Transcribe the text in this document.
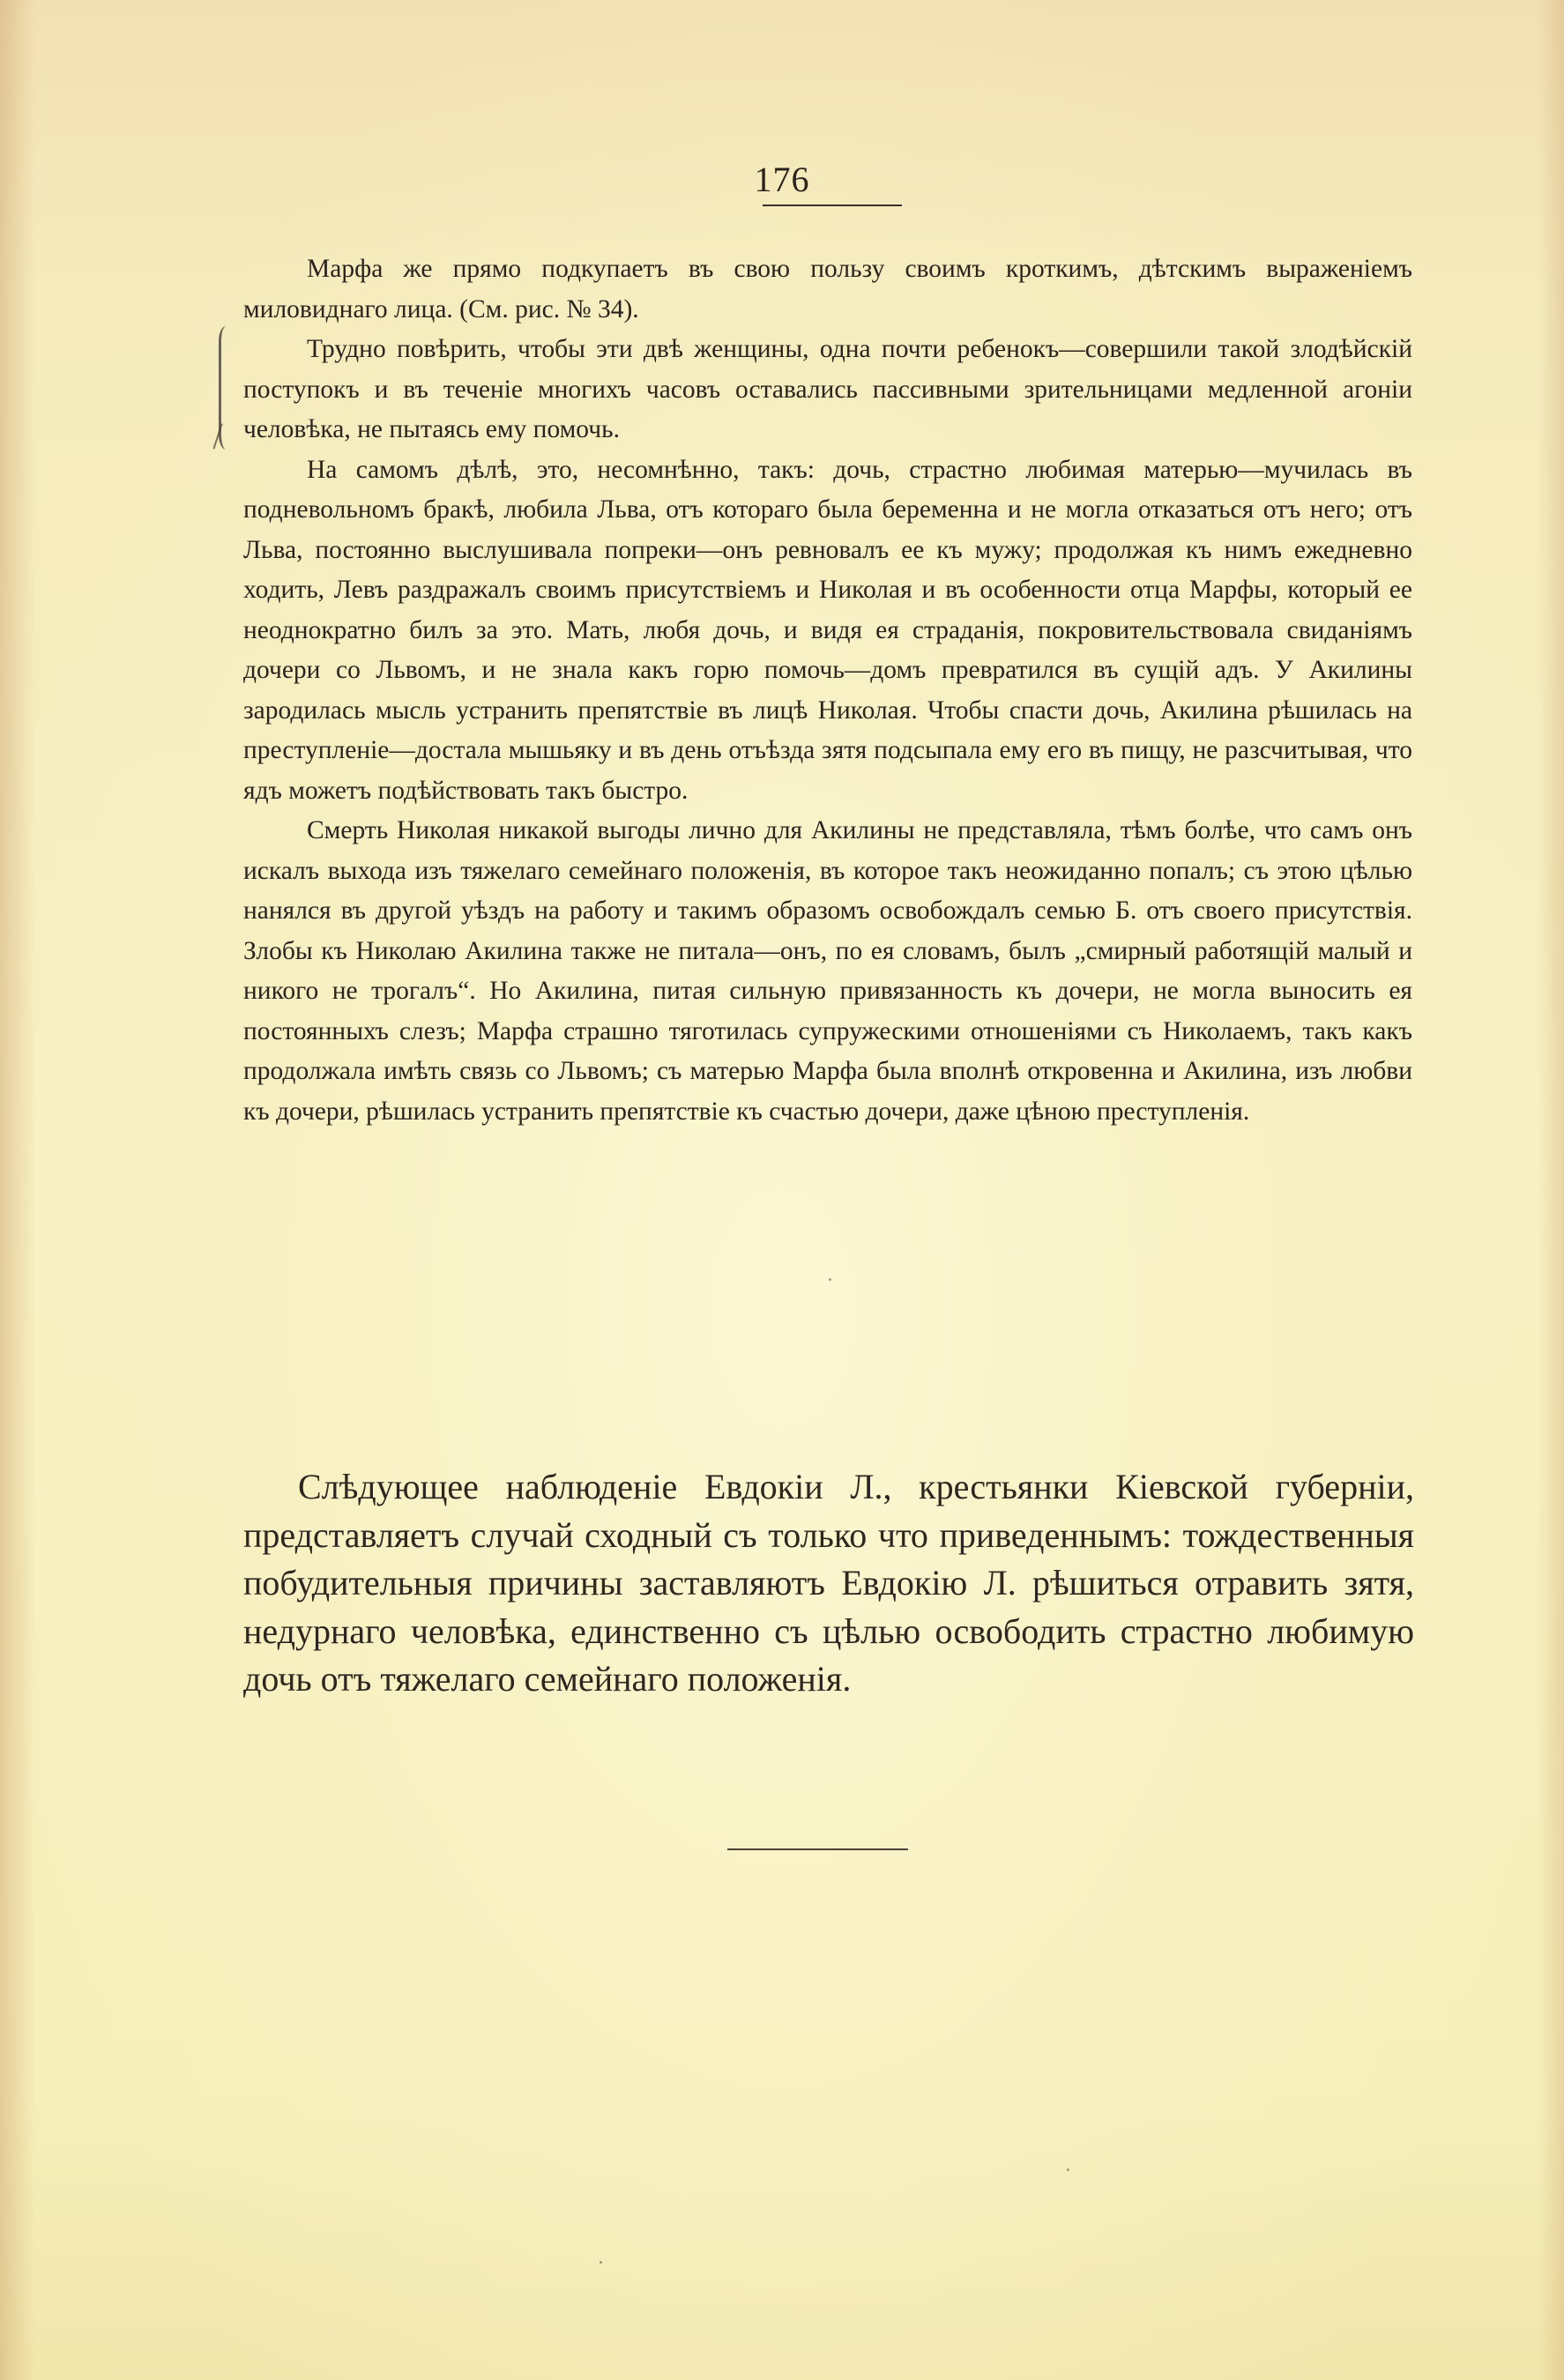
176

Марфа же прямо подкупаетъ въ свою пользу своимъ кроткимъ, дѣтскимъ выраженіемъ миловиднаго лица. (См. рис. № 34).

Трудно повѣрить, чтобы эти двѣ женщины, одна почти ребенокъ—совершили такой злодѣйскій поступокъ и въ теченіе многихъ часовъ оставались пассивными зрительницами медленной агоніи человѣка, не пытаясь ему помочь.

На самомъ дѣлѣ, это, несомнѣнно, такъ: дочь, страстно любимая матерью—мучилась въ подневольномъ бракѣ, любила Льва, отъ котораго была беременна и не могла отказаться отъ него; отъ Льва, постоянно выслушивала попреки—онъ ревновалъ ее къ мужу; продолжая къ нимъ ежедневно ходить, Левъ раздражалъ своимъ присутствіемъ и Николая и въ особенности отца Марфы, который ее неоднократно билъ за это. Мать, любя дочь, и видя ея страданія, покровительствовала свиданіямъ дочери со Львомъ, и не знала какъ горю помочь—домъ превратился въ сущій адъ. У Акилины зародилась мысль устранить препятствіе въ лицѣ Николая. Чтобы спасти дочь, Акилина рѣшилась на преступленіе—достала мышьяку и въ день отъѣзда зятя подсыпала ему его въ пищу, не разсчитывая, что ядъ можетъ подѣйствовать такъ быстро.

Смерть Николая никакой выгоды лично для Акилины не представляла, тѣмъ болѣе, что самъ онъ искалъ выхода изъ тяжелаго семейнаго положенія, въ которое такъ неожиданно попалъ; съ этою цѣлью нанялся въ другой уѣздъ на работу и такимъ образомъ освобождалъ семью Б. отъ своего присутствія. Злобы къ Николаю Акилина также не питала—онъ, по ея словамъ, былъ „смирный работящій малый и никого не трогалъ“. Но Акилина, питая сильную привязанность къ дочери, не могла выносить ея постоянныхъ слезъ; Марфа страшно тяготилась супружескими отношеніями съ Николаемъ, такъ какъ продолжала имѣть связь со Львомъ; съ матерью Марфа была вполнѣ откровенна и Акилина, изъ любви къ дочери, рѣшилась устранить препятствіе къ счастью дочери, даже цѣною преступленія.

Слѣдующее наблюденіе Евдокіи Л., крестьянки Кіевской губерніи, представляетъ случай сходный съ только что приведеннымъ: тождественныя побудительныя причины заставляютъ Евдокію Л. рѣшиться отравить зятя, недурнаго человѣка, единственно съ цѣлью освободить страстно любимую дочь отъ тяжелаго семейнаго положенія.
